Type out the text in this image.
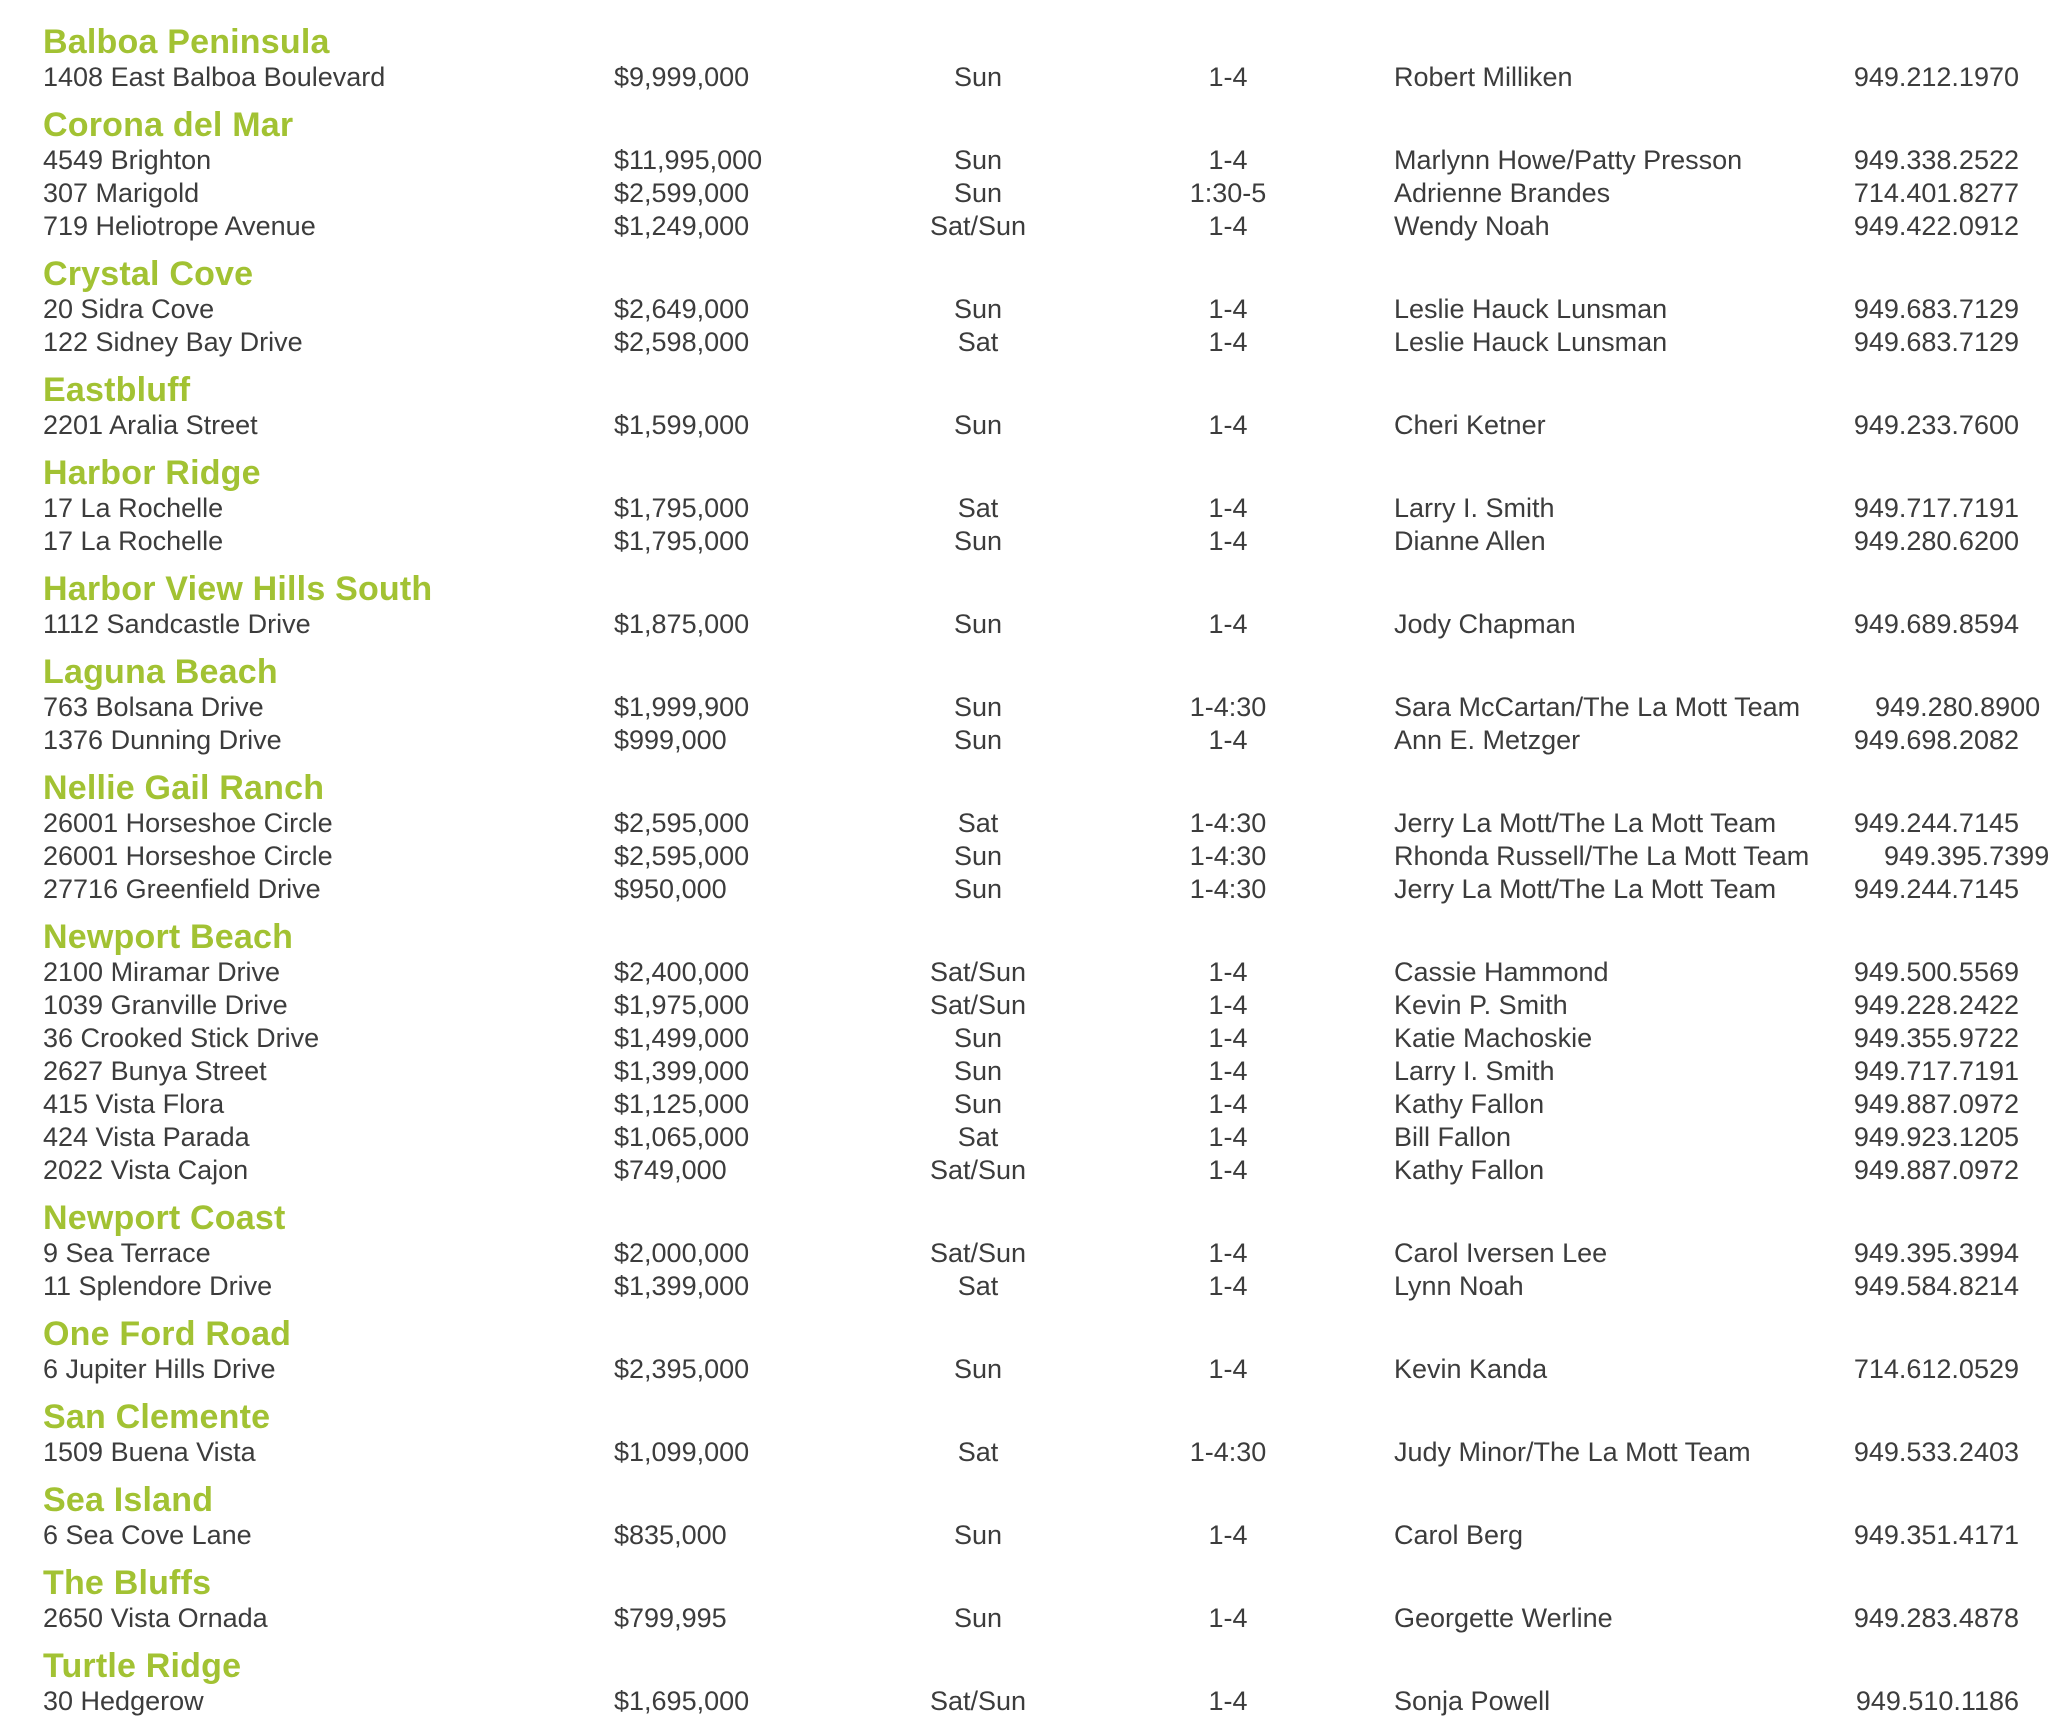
Balboa Peninsula
1408 East Balboa Boulevard	$9,999,000	Sun	1-4	Robert Milliken	949.212.1970
Corona del Mar
4549 Brighton	$11,995,000	Sun	1-4	Marlynn Howe/Patty Presson	949.338.2522
307 Marigold	$2,599,000	Sun	1:30-5	Adrienne Brandes	714.401.8277
719 Heliotrope Avenue	$1,249,000	Sat/Sun	1-4	Wendy Noah	949.422.0912
Crystal Cove
20 Sidra Cove	$2,649,000	Sun	1-4	Leslie Hauck Lunsman	949.683.7129
122 Sidney Bay Drive	$2,598,000	Sat	1-4	Leslie Hauck Lunsman	949.683.7129
Eastbluff
2201 Aralia Street	$1,599,000	Sun	1-4	Cheri Ketner	949.233.7600
Harbor Ridge
17 La Rochelle	$1,795,000	Sat	1-4	Larry I. Smith	949.717.7191
17 La Rochelle	$1,795,000	Sun	1-4	Dianne Allen	949.280.6200
Harbor View Hills South
1112 Sandcastle Drive	$1,875,000	Sun	1-4	Jody Chapman	949.689.8594
Laguna Beach
763 Bolsana Drive	$1,999,900	Sun	1-4:30	Sara McCartan/The La Mott Team	949.280.8900
1376 Dunning Drive	$999,000	Sun	1-4	Ann E. Metzger	949.698.2082
Nellie Gail Ranch
26001 Horseshoe Circle	$2,595,000	Sat	1-4:30	Jerry La Mott/The La Mott Team	949.244.7145
26001 Horseshoe Circle	$2,595,000	Sun	1-4:30	Rhonda Russell/The La Mott Team	949.395.7399
27716 Greenfield Drive	$950,000	Sun	1-4:30	Jerry La Mott/The La Mott Team	949.244.7145
Newport Beach
2100 Miramar Drive	$2,400,000	Sat/Sun	1-4	Cassie Hammond	949.500.5569
1039 Granville Drive	$1,975,000	Sat/Sun	1-4	Kevin P. Smith	949.228.2422
36 Crooked Stick Drive	$1,499,000	Sun	1-4	Katie Machoskie	949.355.9722
2627 Bunya Street	$1,399,000	Sun	1-4	Larry I. Smith	949.717.7191
415 Vista Flora	$1,125,000	Sun	1-4	Kathy Fallon	949.887.0972
424 Vista Parada	$1,065,000	Sat	1-4	Bill Fallon	949.923.1205
2022 Vista Cajon	$749,000	Sat/Sun	1-4	Kathy Fallon	949.887.0972
Newport Coast
9 Sea Terrace	$2,000,000	Sat/Sun	1-4	Carol Iversen Lee	949.395.3994
11 Splendore Drive	$1,399,000	Sat	1-4	Lynn Noah	949.584.8214
One Ford Road
6 Jupiter Hills Drive	$2,395,000	Sun	1-4	Kevin Kanda	714.612.0529
San Clemente
1509 Buena Vista	$1,099,000	Sat	1-4:30	Judy Minor/The La Mott Team	949.533.2403
Sea Island
6 Sea Cove Lane	$835,000	Sun	1-4	Carol Berg	949.351.4171
The Bluffs
2650 Vista Ornada	$799,995	Sun	1-4	Georgette Werline	949.283.4878
Turtle Ridge
30 Hedgerow	$1,695,000	Sat/Sun	1-4	Sonja Powell	949.510.1186
